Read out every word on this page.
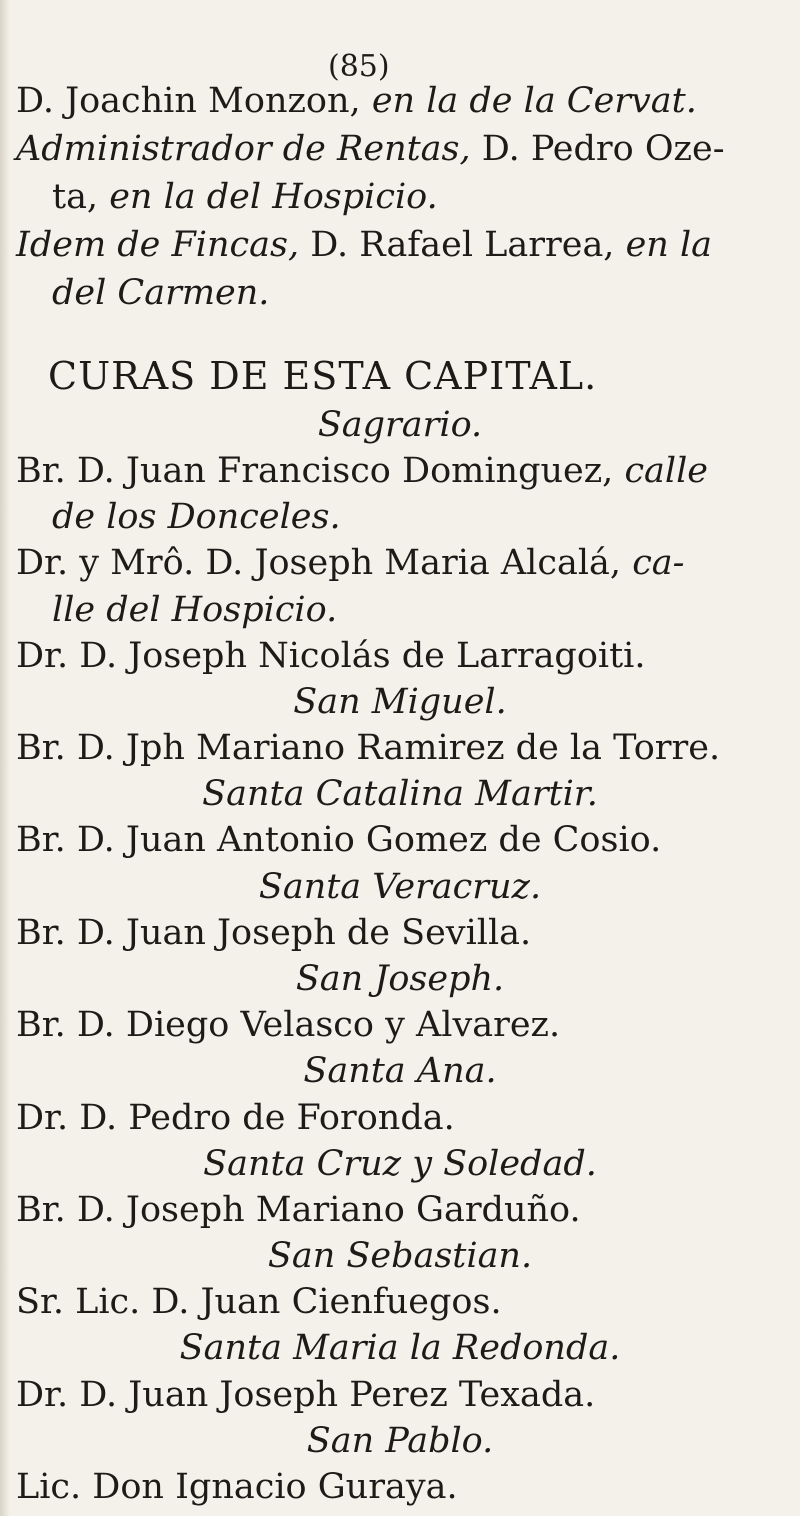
(85)
D. Joachin Monzon, en la de la Cervat.
Administrador de Rentas, D. Pedro Oze-
ta, en la del Hospicio.
Idem de Fincas, D. Rafael Larrea, en la
del Carmen.
CURAS DE ESTA CAPITAL.
Sagrario.
Br. D. Juan Francisco Dominguez, calle
de los Donceles.
Dr. y Mrô. D. Joseph Maria Alcalá, ca-
lle del Hospicio.
Dr. D. Joseph Nicolás de Larragoiti.
San Miguel.
Br. D. Jph Mariano Ramirez de la Torre.
Santa Catalina Martir.
Br. D. Juan Antonio Gomez de Cosio.
Santa Veracruz.
Br. D. Juan Joseph de Sevilla.
San Joseph.
Br. D. Diego Velasco y Alvarez.
Santa Ana.
Dr. D. Pedro de Foronda.
Santa Cruz y Soledad.
Br. D. Joseph Mariano Garduño.
San Sebastian.
Sr. Lic. D. Juan Cienfuegos.
Santa Maria la Redonda.
Dr. D. Juan Joseph Perez Texada.
San Pablo.
Lic. Don Ignacio Guraya.
